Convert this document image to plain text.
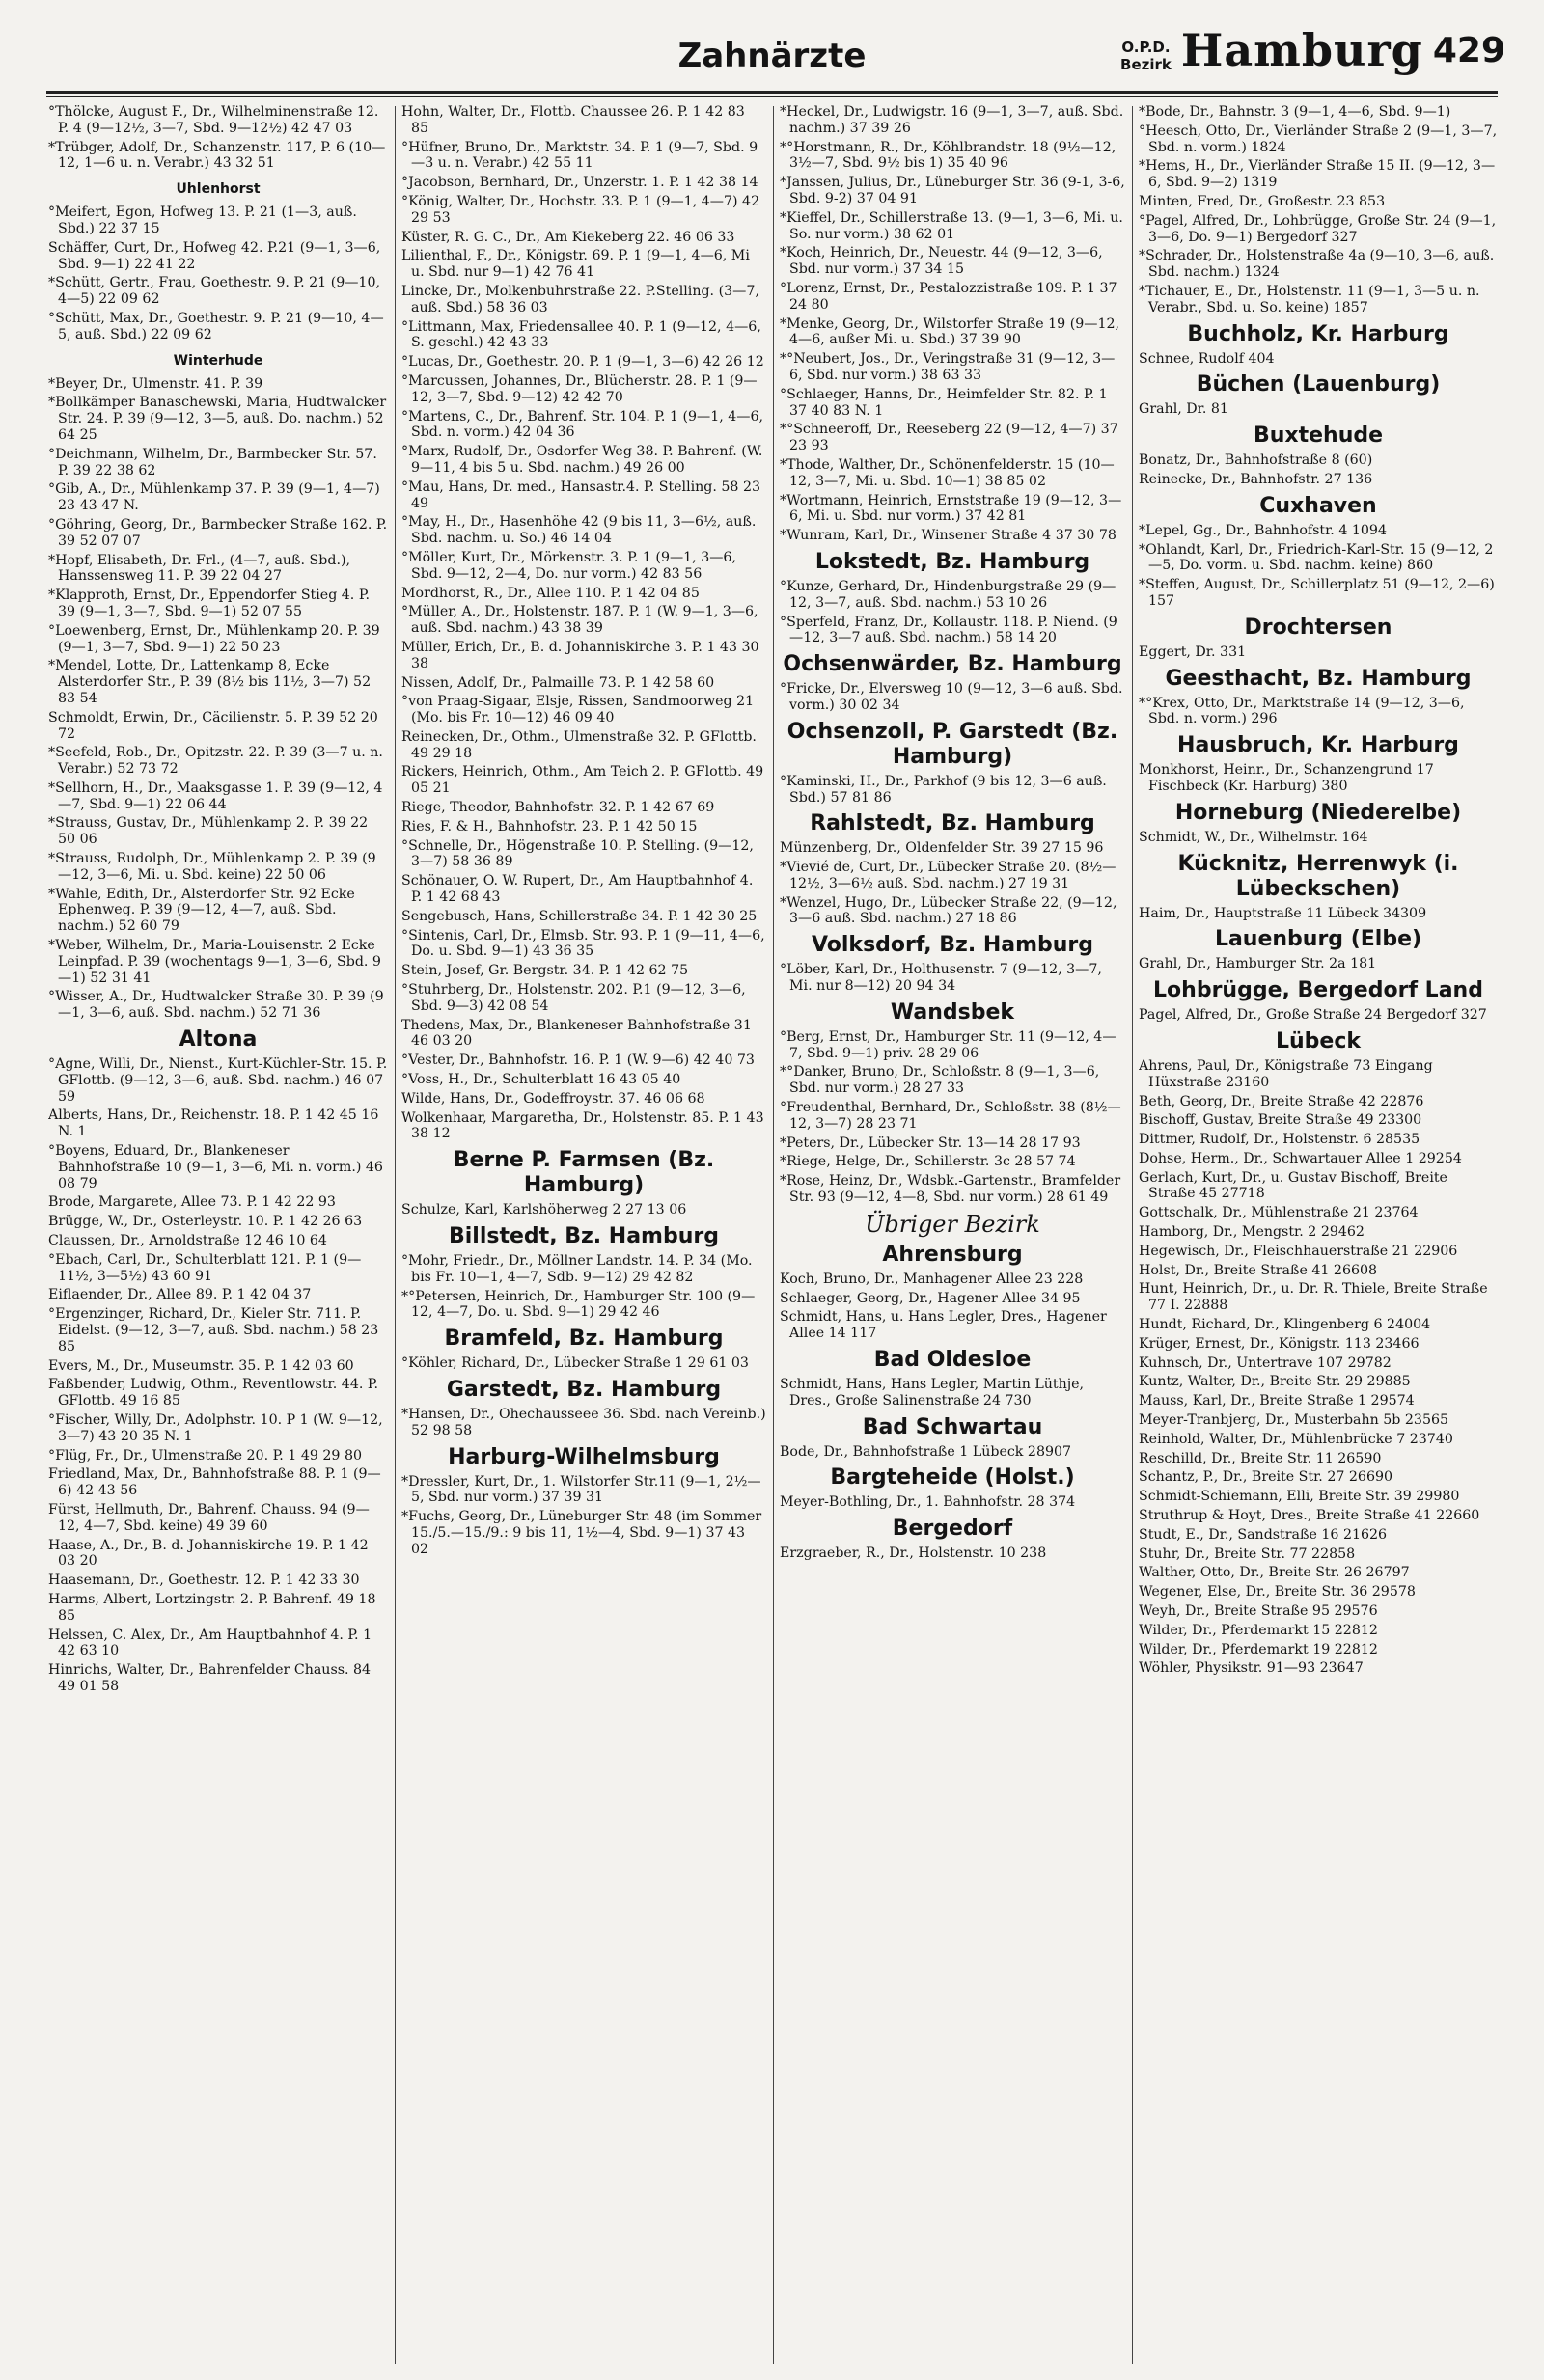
Zahnärzte	O.P.D.
Bezirk Hamburg 429
°Thölcke, August F., Dr., Wilhelminenstraße 12. P. 4 (9—12½, 3—7, Sbd. 9—12½) 42 47 03
*Trübger, Adolf, Dr., Schanzenstr. 117, P. 6 (10—12, 1—6 u. n. Verabr.) 43 32 51
Uhlenhorst
°Meifert, Egon, Hofweg 13. P. 21 (1—3, auß. Sbd.) 22 37 15
Schäffer, Curt, Dr., Hofweg 42. P.21 (9—1, 3—6, Sbd. 9—1) 22 41 22
*Schütt, Gertr., Frau, Goethestr. 9. P. 21 (9—10, 4—5) 22 09 62
°Schütt, Max, Dr., Goethestr. 9. P. 21 (9—10, 4—5, auß. Sbd.) 22 09 62
Winterhude
*Beyer, Dr., Ulmenstr. 41. P. 39
*Bollkämper Banaschewski, Maria, Hudtwalcker Str. 24. P. 39 (9—12, 3—5, auß. Do. nachm.) 52 64 25
°Deichmann, Wilhelm, Dr., Barmbecker Str. 57. P. 39 22 38 62
°Gib, A., Dr., Mühlenkamp 37. P. 39 (9—1, 4—7) 23 43 47 N.
°Göhring, Georg, Dr., Barmbecker Straße 162. P. 39 52 07 07
*Hopf, Elisabeth, Dr. Frl., (4—7, auß. Sbd.), Hanssensweg 11. P. 39 22 04 27
*Klapproth, Ernst, Dr., Eppendorfer Stieg 4. P. 39 (9—1, 3—7, Sbd. 9—1) 52 07 55
°Loewenberg, Ernst, Dr., Mühlenkamp 20. P. 39 (9—1, 3—7, Sbd. 9—1) 22 50 23
*Mendel, Lotte, Dr., Lattenkamp 8, Ecke Alsterdorfer Str., P. 39 (8½ bis 11½, 3—7) 52 83 54
Schmoldt, Erwin, Dr., Cäcilienstr. 5. P. 39 52 20 72
*Seefeld, Rob., Dr., Opitzstr. 22. P. 39 (3—7 u. n. Verabr.) 52 73 72
*Sellhorn, H., Dr., Maaksgasse 1. P. 39 (9—12, 4—7, Sbd. 9—1) 22 06 44
*Strauss, Gustav, Dr., Mühlenkamp 2. P. 39 22 50 06
*Strauss, Rudolph, Dr., Mühlenkamp 2. P. 39 (9—12, 3—6, Mi. u. Sbd. keine) 22 50 06
*Wahle, Edith, Dr., Alsterdorfer Str. 92 Ecke Ephenweg. P. 39 (9—12, 4—7, auß. Sbd. nachm.) 52 60 79
*Weber, Wilhelm, Dr., Maria-Louisenstr. 2 Ecke Leinpfad. P. 39 (wochentags 9—1, 3—6, Sbd. 9—1) 52 31 41
°Wisser, A., Dr., Hudtwalcker Straße 30. P. 39 (9—1, 3—6, auß. Sbd. nachm.) 52 71 36
Altona
°Agne, Willi, Dr., Nienst., Kurt-Küchler-Str. 15. P. GFlottb. (9—12, 3—6, auß. Sbd. nachm.) 46 07 59
Alberts, Hans, Dr., Reichenstr. 18. P. 1 42 45 16 N. 1
°Boyens, Eduard, Dr., Blankeneser Bahnhofstraße 10 (9—1, 3—6, Mi. n. vorm.) 46 08 79
Brode, Margarete, Allee 73. P. 1 42 22 93
Brügge, W., Dr., Osterleystr. 10. P. 1 42 26 63
Claussen, Dr., Arnoldstraße 12 46 10 64
°Ebach, Carl, Dr., Schulterblatt 121. P. 1 (9—11½, 3—5½) 43 60 91
Eiflaender, Dr., Allee 89. P. 1 42 04 37
°Ergenzinger, Richard, Dr., Kieler Str. 711. P. Eidelst. (9—12, 3—7, auß. Sbd. nachm.) 58 23 85
Evers, M., Dr., Museumstr. 35. P. 1 42 03 60
Faßbender, Ludwig, Othm., Reventlowstr. 44. P. GFlottb. 49 16 85
°Fischer, Willy, Dr., Adolphstr. 10. P 1 (W. 9—12, 3—7) 43 20 35 N. 1
°Flüg, Fr., Dr., Ulmenstraße 20. P. 1 49 29 80
Friedland, Max, Dr., Bahnhofstraße 88. P. 1 (9—6) 42 43 56
Fürst, Hellmuth, Dr., Bahrenf. Chauss. 94 (9—12, 4—7, Sbd. keine) 49 39 60
Haase, A., Dr., B. d. Johanniskirche 19. P. 1 42 03 20
Haasemann, Dr., Goethestr. 12. P. 1 42 33 30
Harms, Albert, Lortzingstr. 2. P. Bahrenf. 49 18 85
Helssen, C. Alex, Dr., Am Hauptbahnhof 4. P. 1 42 63 10
Hinrichs, Walter, Dr., Bahrenfelder Chauss. 84 49 01 58
Hohn, Walter, Dr., Flottb. Chaussee 26. P. 1 42 83 85
°Hüfner, Bruno, Dr., Marktstr. 34. P. 1 (9—7, Sbd. 9—3 u. n. Verabr.) 42 55 11
°Jacobson, Bernhard, Dr., Unzerstr. 1. P. 1 42 38 14
°König, Walter, Dr., Hochstr. 33. P. 1 (9—1, 4—7) 42 29 53
Küster, R. G. C., Dr., Am Kiekeberg 22. 46 06 33
Lilienthal, F., Dr., Königstr. 69. P. 1 (9—1, 4—6, Mi u. Sbd. nur 9—1) 42 76 41
Lincke, Dr., Molkenbuhrstraße 22. P.Stelling. (3—7, auß. Sbd.) 58 36 03
°Littmann, Max, Friedensallee 40. P. 1 (9—12, 4—6, S. geschl.) 42 43 33
°Lucas, Dr., Goethestr. 20. P. 1 (9—1, 3—6) 42 26 12
°Marcussen, Johannes, Dr., Blücherstr. 28. P. 1 (9—12, 3—7, Sbd. 9—12) 42 42 70
°Martens, C., Dr., Bahrenf. Str. 104. P. 1 (9—1, 4—6, Sbd. n. vorm.) 42 04 36
°Marx, Rudolf, Dr., Osdorfer Weg 38. P. Bahrenf. (W. 9—11, 4 bis 5 u. Sbd. nachm.) 49 26 00
°Mau, Hans, Dr. med., Hansastr.4. P. Stelling. 58 23 49
°May, H., Dr., Hasenhöhe 42 (9 bis 11, 3—6½, auß. Sbd. nachm. u. So.) 46 14 04
°Möller, Kurt, Dr., Mörkenstr. 3. P. 1 (9—1, 3—6, Sbd. 9—12, 2—4, Do. nur vorm.) 42 83 56
Mordhorst, R., Dr., Allee 110. P. 1 42 04 85
°Müller, A., Dr., Holstenstr. 187. P. 1 (W. 9—1, 3—6, auß. Sbd. nachm.) 43 38 39
Müller, Erich, Dr., B. d. Johanniskirche 3. P. 1 43 30 38
Nissen, Adolf, Dr., Palmaille 73. P. 1 42 58 60
°von Praag-Sigaar, Elsje, Rissen, Sandmoorweg 21 (Mo. bis Fr. 10—12) 46 09 40
Reinecken, Dr., Othm., Ulmenstraße 32. P. GFlottb. 49 29 18
Rickers, Heinrich, Othm., Am Teich 2. P. GFlottb. 49 05 21
Riege, Theodor, Bahnhofstr. 32. P. 1 42 67 69
Ries, F. & H., Bahnhofstr. 23. P. 1 42 50 15
°Schnelle, Dr., Högenstraße 10. P. Stelling. (9—12, 3—7) 58 36 89
Schönauer, O. W. Rupert, Dr., Am Hauptbahnhof 4. P. 1 42 68 43
Sengebusch, Hans, Schillerstraße 34. P. 1 42 30 25
°Sintenis, Carl, Dr., Elmsb. Str. 93. P. 1 (9—11, 4—6, Do. u. Sbd. 9—1) 43 36 35
Stein, Josef, Gr. Bergstr. 34. P. 1 42 62 75
°Stuhrberg, Dr., Holstenstr. 202. P.1 (9—12, 3—6, Sbd. 9—3) 42 08 54
Thedens, Max, Dr., Blankeneser Bahnhofstraße 31 46 03 20
°Vester, Dr., Bahnhofstr. 16. P. 1 (W. 9—6) 42 40 73
°Voss, H., Dr., Schulterblatt 16 43 05 40
Wilde, Hans, Dr., Godeffroystr. 37. 46 06 68
Wolkenhaar, Margaretha, Dr., Holstenstr. 85. P. 1 43 38 12
Berne P. Farmsen (Bz. Hamburg)
Schulze, Karl, Karlshöherweg 2 27 13 06
Billstedt, Bz. Hamburg
°Mohr, Friedr., Dr., Möllner Landstr. 14. P. 34 (Mo. bis Fr. 10—1, 4—7, Sdb. 9—12) 29 42 82
*°Petersen, Heinrich, Dr., Hamburger Str. 100 (9—12, 4—7, Do. u. Sbd. 9—1) 29 42 46
Bramfeld, Bz. Hamburg
°Köhler, Richard, Dr., Lübecker Straße 1 29 61 03
Garstedt, Bz. Hamburg
*Hansen, Dr., Ohechausseee 36. Sbd. nach Vereinb.) 52 98 58
Harburg-Wilhelmsburg
*Dressler, Kurt, Dr., 1. Wilstorfer Str.11 (9—1, 2½—5, Sbd. nur vorm.) 37 39 31
*Fuchs, Georg, Dr., Lüneburger Str. 48 (im Sommer 15./5.—15./9.: 9 bis 11, 1½—4, Sbd. 9—1) 37 43 02
*Heckel, Dr., Ludwigstr. 16 (9—1, 3—7, auß. Sbd. nachm.) 37 39 26
*°Horstmann, R., Dr., Köhlbrandstr. 18 (9½—12, 3½—7, Sbd. 9½ bis 1) 35 40 96
*Janssen, Julius, Dr., Lüneburger Str. 36 (9-1, 3-6, Sbd. 9-2) 37 04 91
*Kieffel, Dr., Schillerstraße 13. (9—1, 3—6, Mi. u. So. nur vorm.) 38 62 01
*Koch, Heinrich, Dr., Neuestr. 44 (9—12, 3—6, Sbd. nur vorm.) 37 34 15
°Lorenz, Ernst, Dr., Pestalozzistraße 109. P. 1 37 24 80
*Menke, Georg, Dr., Wilstorfer Straße 19 (9—12, 4—6, außer Mi. u. Sbd.) 37 39 90
*°Neubert, Jos., Dr., Veringstraße 31 (9—12, 3—6, Sbd. nur vorm.) 38 63 33
°Schlaeger, Hanns, Dr., Heimfelder Str. 82. P. 1 37 40 83 N. 1
*°Schneeroff, Dr., Reeseberg 22 (9—12, 4—7) 37 23 93
*Thode, Walther, Dr., Schönenfelderstr. 15 (10—12, 3—7, Mi. u. Sbd. 10—1) 38 85 02
*Wortmann, Heinrich, Ernststraße 19 (9—12, 3—6, Mi. u. Sbd. nur vorm.) 37 42 81
*Wunram, Karl, Dr., Winsener Straße 4 37 30 78
Lokstedt, Bz. Hamburg
°Kunze, Gerhard, Dr., Hindenburgstraße 29 (9—12, 3—7, auß. Sbd. nachm.) 53 10 26
°Sperfeld, Franz, Dr., Kollaustr. 118. P. Niend. (9—12, 3—7 auß. Sbd. nachm.) 58 14 20
Ochsenwärder, Bz. Hamburg
°Fricke, Dr., Elversweg 10 (9—12, 3—6 auß. Sbd. vorm.) 30 02 34
Ochsenzoll, P. Garstedt (Bz. Hamburg)
°Kaminski, H., Dr., Parkhof (9 bis 12, 3—6 auß. Sbd.) 57 81 86
Rahlstedt, Bz. Hamburg
Münzenberg, Dr., Oldenfelder Str. 39 27 15 96
*Vievié de, Curt, Dr., Lübecker Straße 20. (8½—12½, 3—6½ auß. Sbd. nachm.) 27 19 31
*Wenzel, Hugo, Dr., Lübecker Straße 22, (9—12, 3—6 auß. Sbd. nachm.) 27 18 86
Volksdorf, Bz. Hamburg
°Löber, Karl, Dr., Holthusenstr. 7 (9—12, 3—7, Mi. nur 8—12) 20 94 34
Wandsbek
°Berg, Ernst, Dr., Hamburger Str. 11 (9—12, 4—7, Sbd. 9—1) priv. 28 29 06
*°Danker, Bruno, Dr., Schloßstr. 8 (9—1, 3—6, Sbd. nur vorm.) 28 27 33
°Freudenthal, Bernhard, Dr., Schloßstr. 38 (8½—12, 3—7) 28 23 71
*Peters, Dr., Lübecker Str. 13—14 28 17 93
*Riege, Helge, Dr., Schillerstr. 3c 28 57 74
*Rose, Heinz, Dr., Wdsbk.-Gartenstr., Bramfelder Str. 93 (9—12, 4—8, Sbd. nur vorm.) 28 61 49
Übriger Bezirk
Ahrensburg
Koch, Bruno, Dr., Manhagener Allee 23 228
Schlaeger, Georg, Dr., Hagener Allee 34 95
Schmidt, Hans, u. Hans Legler, Dres., Hagener Allee 14 117
Bad Oldesloe
Schmidt, Hans, Hans Legler, Martin Lüthje, Dres., Große Salinenstraße 24 730
Bad Schwartau
Bode, Dr., Bahnhofstraße 1 Lübeck 28907
Bargteheide (Holst.)
Meyer-Bothling, Dr., 1. Bahnhofstr. 28 374
Bergedorf
Erzgraeber, R., Dr., Holstenstr. 10 238
*Bode, Dr., Bahnstr. 3 (9—1, 4—6, Sbd. 9—1)
°Heesch, Otto, Dr., Vierländer Straße 2 (9—1, 3—7, Sbd. n. vorm.) 1824
*Hems, H., Dr., Vierländer Straße 15 II. (9—12, 3—6, Sbd. 9—2) 1319
Minten, Fred, Dr., Großestr. 23 853
°Pagel, Alfred, Dr., Lohbrügge, Große Str. 24 (9—1, 3—6, Do. 9—1) Bergedorf 327
*Schrader, Dr., Holstenstraße 4a (9—10, 3—6, auß. Sbd. nachm.) 1324
*Tichauer, E., Dr., Holstenstr. 11 (9—1, 3—5 u. n. Verabr., Sbd. u. So. keine) 1857
Buchholz, Kr. Harburg
Schnee, Rudolf 404
Büchen (Lauenburg)
Grahl, Dr. 81
Buxtehude
Bonatz, Dr., Bahnhofstraße 8 (60)
Reinecke, Dr., Bahnhofstr. 27 136
Cuxhaven
*Lepel, Gg., Dr., Bahnhofstr. 4 1094
*Ohlandt, Karl, Dr., Friedrich-Karl-Str. 15 (9—12, 2—5, Do. vorm. u. Sbd. nachm. keine) 860
*Steffen, August, Dr., Schillerplatz 51 (9—12, 2—6) 157
Drochtersen
Eggert, Dr. 331
Geesthacht, Bz. Hamburg
*°Krex, Otto, Dr., Marktstraße 14 (9—12, 3—6, Sbd. n. vorm.) 296
Hausbruch, Kr. Harburg
Monkhorst, Heinr., Dr., Schanzengrund 17 Fischbeck (Kr. Harburg) 380
Horneburg (Niederelbe)
Schmidt, W., Dr., Wilhelmstr. 164
Kücknitz, Herrenwyk (i. Lübeckschen)
Haim, Dr., Hauptstraße 11 Lübeck 34309
Lauenburg (Elbe)
Grahl, Dr., Hamburger Str. 2a 181
Lohbrügge, Bergedorf Land
Pagel, Alfred, Dr., Große Straße 24 Bergedorf 327
Lübeck
Ahrens, Paul, Dr., Königstraße 73 Eingang Hüxstraße 23160
Beth, Georg, Dr., Breite Straße 42 22876
Bischoff, Gustav, Breite Straße 49 23300
Dittmer, Rudolf, Dr., Holstenstr. 6 28535
Dohse, Herm., Dr., Schwartauer Allee 1 29254
Gerlach, Kurt, Dr., u. Gustav Bischoff, Breite Straße 45 27718
Gottschalk, Dr., Mühlenstraße 21 23764
Hamborg, Dr., Mengstr. 2 29462
Hegewisch, Dr., Fleischhauerstraße 21 22906
Holst, Dr., Breite Straße 41 26608
Hunt, Heinrich, Dr., u. Dr. R. Thiele, Breite Straße 77 I. 22888
Hundt, Richard, Dr., Klingenberg 6 24004
Krüger, Ernest, Dr., Königstr. 113 23466
Kuhnsch, Dr., Untertrave 107 29782
Kuntz, Walter, Dr., Breite Str. 29 29885
Mauss, Karl, Dr., Breite Straße 1 29574
Meyer-Tranbjerg, Dr., Musterbahn 5b 23565
Reinhold, Walter, Dr., Mühlenbrücke 7 23740
Reschilld, Dr., Breite Str. 11 26590
Schantz, P., Dr., Breite Str. 27 26690
Schmidt-Schiemann, Elli, Breite Str. 39 29980
Struthrup & Hoyt, Dres., Breite Straße 41 22660
Studt, E., Dr., Sandstraße 16 21626
Stuhr, Dr., Breite Str. 77 22858
Walther, Otto, Dr., Breite Str. 26 26797
Wegener, Else, Dr., Breite Str. 36 29578
Weyh, Dr., Breite Straße 95 29576
Wilder, Dr., Pferdemarkt 15 22812
Wilder, Dr., Pferdemarkt 19 22812
Wöhler, Physikstr. 91—93 23647
